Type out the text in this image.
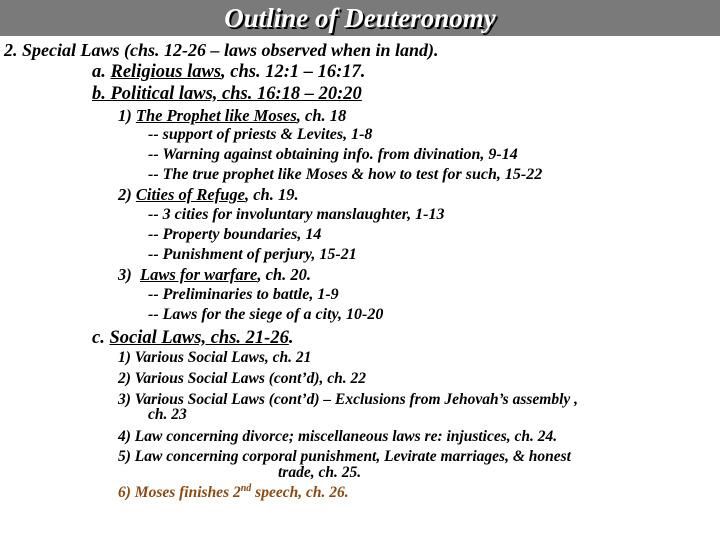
Outline of Deuteronomy
2. Special Laws (chs. 12-26 – laws observed when in land).
a. Religious laws, chs. 12:1 – 16:17.
b. Political laws, chs. 16:18 – 20:20
1) The Prophet like Moses, ch. 18
-- support of priests & Levites, 1-8
-- Warning against obtaining info. from divination, 9-14
-- The true prophet like Moses & how to test for such, 15-22
2) Cities of Refuge, ch. 19.
-- 3 cities for involuntary manslaughter, 1-13
-- Property boundaries, 14
-- Punishment of perjury, 15-21
3)  Laws for warfare, ch. 20.
-- Preliminaries to battle, 1-9
-- Laws for the siege of a city, 10-20
c. Social Laws, chs. 21-26.
1) Various Social Laws, ch. 21
2) Various Social Laws (cont’d), ch. 22
3) Various Social Laws (cont’d) – Exclusions from Jehovah’s assembly ,
ch. 23
4) Law concerning divorce; miscellaneous laws re: injustices, ch. 24.
5) Law concerning corporal punishment, Levirate marriages, & honest
trade, ch. 25.
6) Moses finishes 2nd speech, ch. 26.
